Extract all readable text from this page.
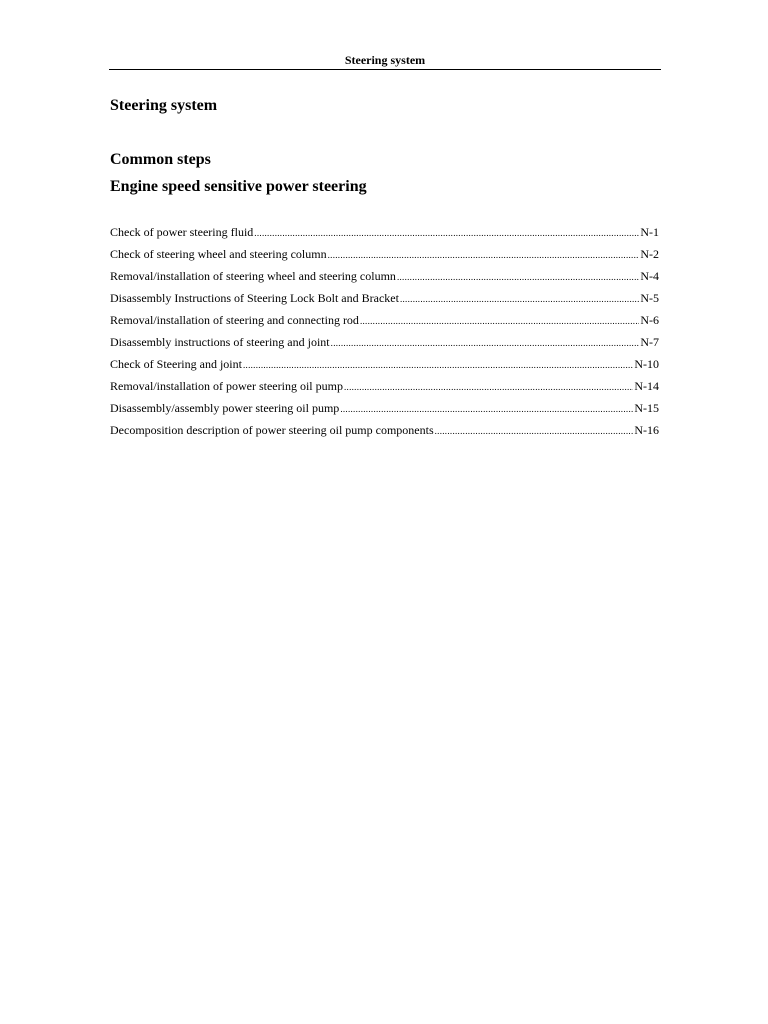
Steering system
Steering system
Common steps
Engine speed sensitive power steering
Check of power steering fluid .....	N-1
Check of steering wheel and steering column .....	N-2
Removal/installation of steering wheel and steering column .....	N-4
Disassembly Instructions of Steering Lock Bolt and Bracket .....	N-5
Removal/installation of steering and connecting rod .....	N-6
Disassembly instructions of steering and joint .....	N-7
Check of Steering and joint .....	N-10
Removal/installation of power steering oil pump .....	N-14
Disassembly/assembly power steering oil pump .....	N-15
Decomposition description of power steering oil pump components .....	N-16
